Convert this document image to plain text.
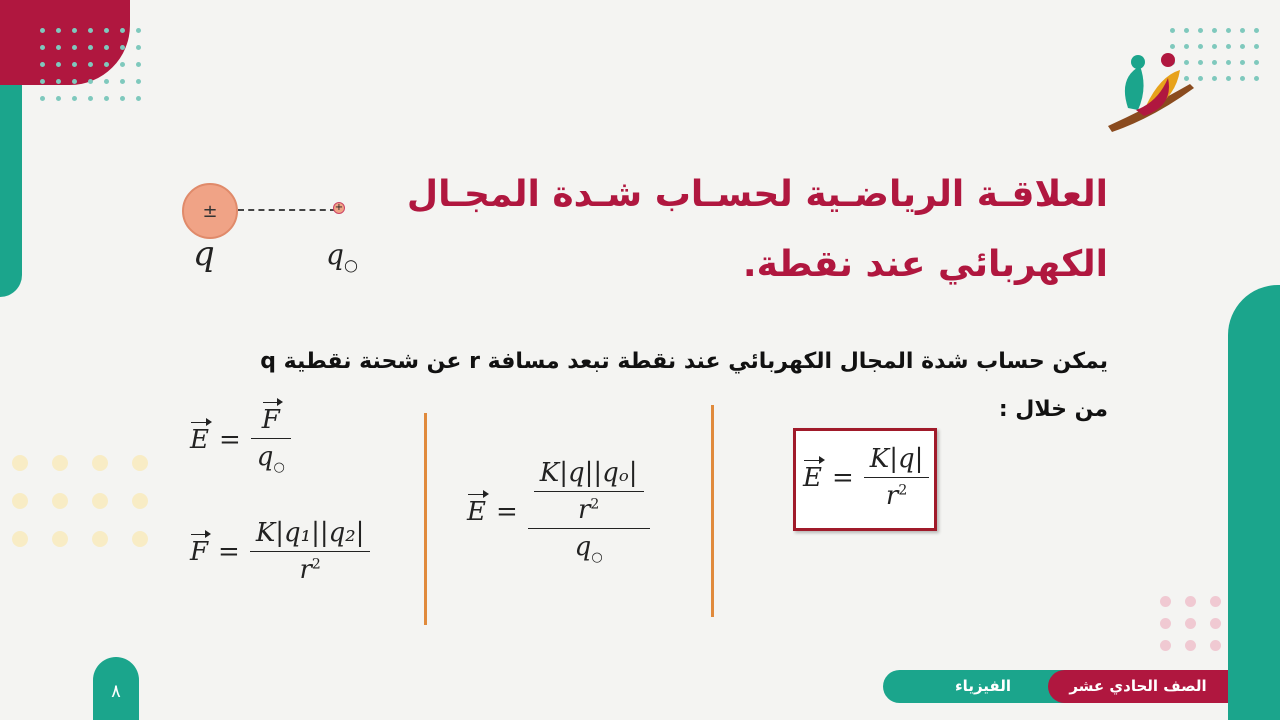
العلاقـة الرياضـية لحسـاب شـدة المجـال
الكهربائي عند نقطة.
±	+
q	$q_○$
يمكن حساب شدة المجال الكهربائي عند نقطة تبعد مسافة r عن شحنة نقطية q
من خلال :
$E = \frac{F}{q_○}$
$F = \frac{\text{K|q₁||q₂|}}{r^2}$
$E = \frac{\frac{\text{K|q||qₒ|}}{r^2}}{q_○}$	$E = \frac{K|q|}{r^2}$
٨	الفيزياء	الصف الحادي عشر
